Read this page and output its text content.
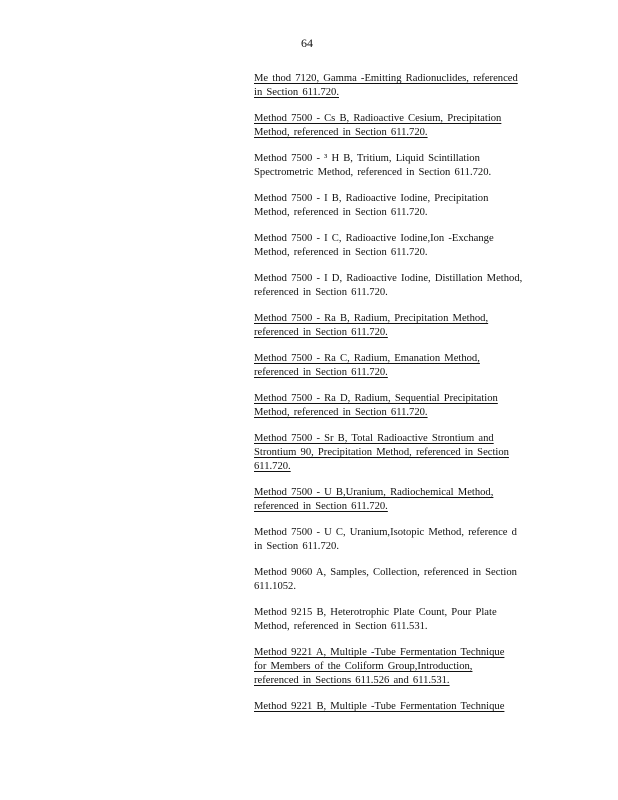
64
Me thod 7120, Gamma -Emitting Radionuclides, referenced
in Section 611.720.
Method 7500 - Cs B, Radioactive Cesium, Precipitation
Method, referenced in Section 611.720.
Method 7500 - ³ H B, Tritium, Liquid Scintillation
Spectrometric Method, referenced in Section 611.720.
Method 7500 - I B, Radioactive Iodine, Precipitation
Method, referenced in Section 611.720.
Method 7500 - I C, Radioactive Iodine,Ion -Exchange
Method, referenced in Section 611.720.
Method 7500 - I D, Radioactive Iodine, Distillation Method,
referenced in Section 611.720.
Method 7500 - Ra B, Radium, Precipitation Method,
referenced in Section 611.720.
Method 7500 - Ra C, Radium, Emanation Method,
referenced in Section 611.720.
Method 7500 - Ra D, Radium, Sequential Precipitation
Method, referenced in Section 611.720.
Method 7500 - Sr B, Total Radioactive Strontium and
Strontium 90, Precipitation Method, referenced in Section
611.720.
Method 7500 - U B,Uranium, Radiochemical Method,
referenced in Section 611.720.
Method 7500 - U C, Uranium,Isotopic Method, reference d
in Section 611.720.
Method 9060 A, Samples, Collection, referenced in Section
611.1052.
Method 9215 B, Heterotrophic Plate Count, Pour Plate
Method, referenced in Section 611.531.
Method 9221 A, Multiple -Tube Fermentation Technique
for Members of the Coliform Group,Introduction,
referenced in Sections 611.526 and 611.531.
Method 9221 B, Multiple -Tube Fermentation Technique
